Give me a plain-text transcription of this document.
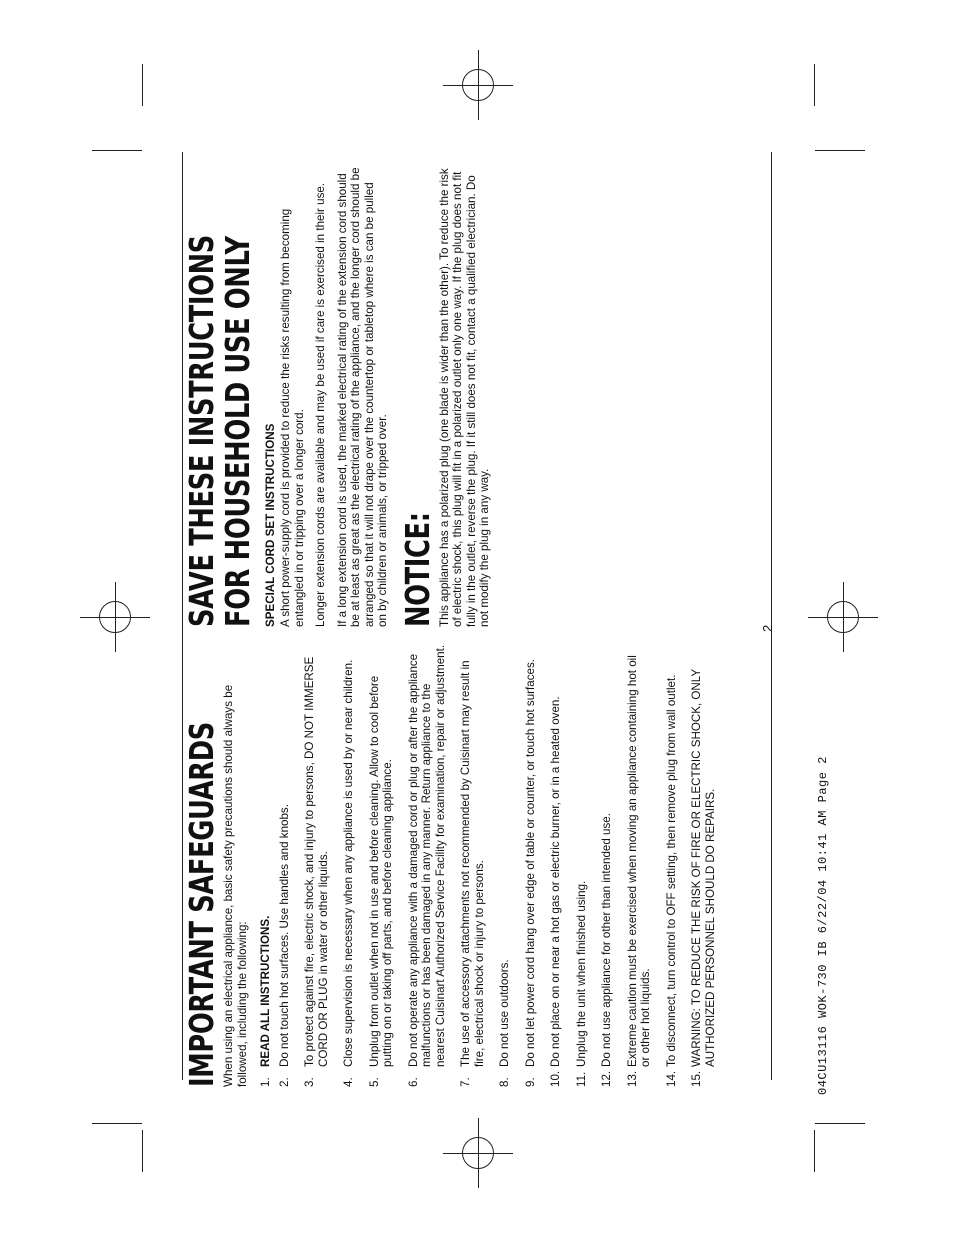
04CU13116 WOK-730 IB 6/22/04 10:41 AM Page 2
IMPORTANT SAFEGUARDS When using an electrical appliance, basic safety precautions should always be followed, including the following: 1.
READ ALL INSTRUCTIONS.
2.
Do not touch hot surfaces. Use handles and knobs.
3.
To protect against fire, electric shock, and injury to persons, DO NOT IMMERSE CORD OR PLUG in water or other liquids.
4.
Close supervision is necessary when any appliance is used by or near children.
5.
Unplug from outlet when not in use and before cleaning. Allow to cool before putting on or taking off parts, and before cleaning appliance.
6.
Do not operate any appliance with a damaged cord or plug or after the appliance malfunctions or has been damaged in any manner. Return appliance to the nearest Cuisinart Authorized Service Facility for examination, repair or adjustment.
7.
The use of accessory attachments not recommended by Cuisinart may result in fire, electrical shock or injury to persons.
8.
Do not use outdoors.
9.
Do not let power cord hang over edge of table or counter, or touch hot surfaces.
10.
Do not place on or near a hot gas or electric burner, or in a heated oven.
11.
Unplug the unit when finished using.
12.
Do not use appliance for other than intended use.
13.
Extreme caution must be exercised when moving an appliance containing hot oil or other hot liquids.
14.
To disconnect, turn control to OFF setting, then remove plug from wall outlet.
15.
WARNING: TO REDUCE THE RISK OF FIRE OR ELECTRIC SHOCK, ONLY AUTHORIZED PERSONNEL SHOULD DO REPAIRS.
SAVE THESE INSTRUCTIONS
FOR HOUSEHOLD USE ONLY SPECIAL CORD SET INSTRUCTIONS A short power-supply cord is provided to reduce the risks resulting from becoming entangled in or tripping over a longer cord. Longer extension cords are available and may be used if care is exercised in their use. If a long extension cord is used, the marked electrical rating of the extension cord should be at least as great as the electrical rating of the appliance, and the longer cord should be arranged so that it will not drape over the countertop or tabletop where is can be pulled on by children or animals, or tripped over. NOTICE: This appliance has a polarized plug (one blade is wider than the other). To reduce the risk of electric shock, this plug will fit in a polarized outlet only one way. If the plug does not fit fully in the outlet, reverse the plug. If it still does not fit, contact a qualified electrician. Do not modify the plug in any way.
2
